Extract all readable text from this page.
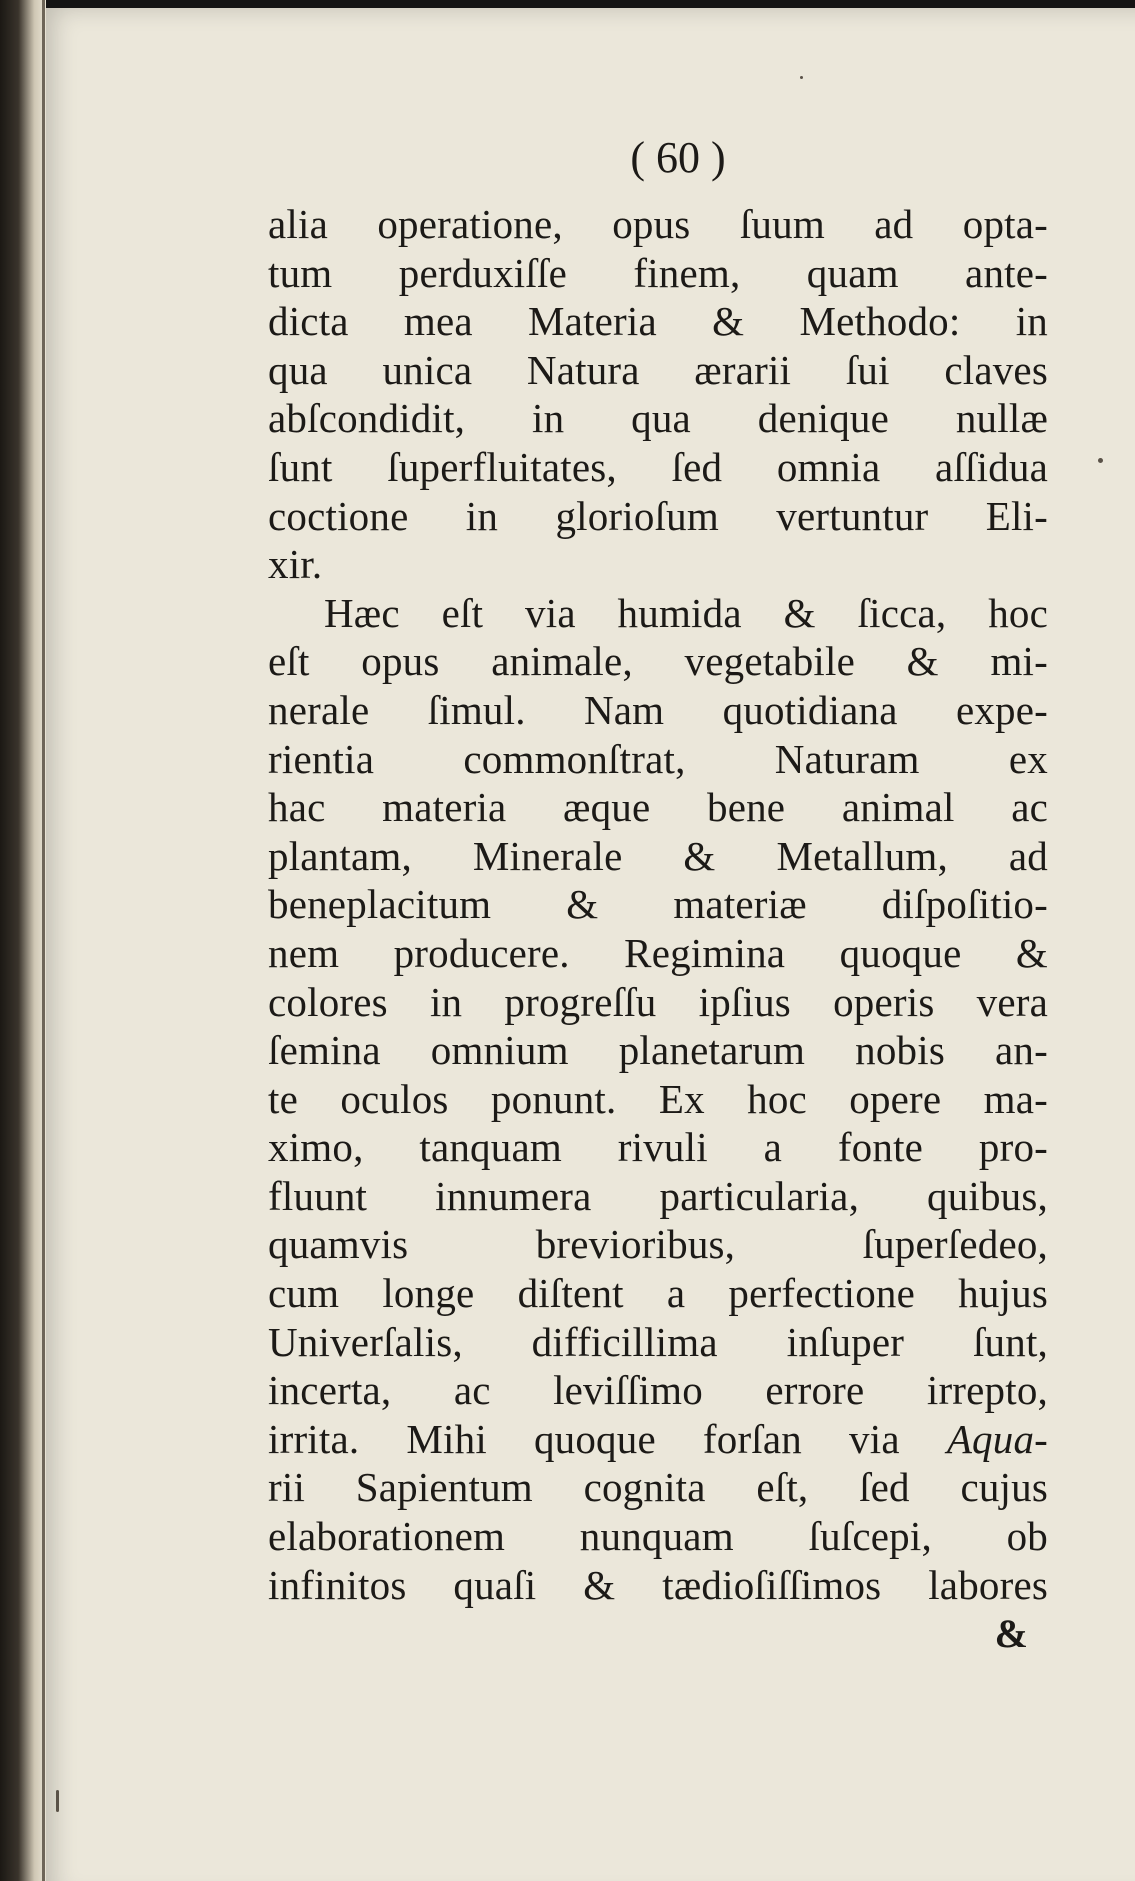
( 60 )
alia operatione, opus ſuum ad opta-
tum perduxiſſe finem, quam ante-
dicta mea Materia & Methodo: in
qua unica Natura ærarii ſui claves
abſcondidit, in qua denique nullæ
ſunt ſuperfluitates, ſed omnia aſſidua
coctione in glorioſum vertuntur Eli-
xir.
Hæc eſt via humida & ſicca, hoc
eſt opus animale, vegetabile & mi-
nerale ſimul. Nam quotidiana expe-
rientia commonſtrat, Naturam ex
hac materia æque bene animal ac
plantam, Minerale & Metallum, ad
beneplacitum & materiæ diſpoſitio-
nem producere. Regimina quoque &
colores in progreſſu ipſius operis vera
ſemina omnium planetarum nobis an-
te oculos ponunt. Ex hoc opere ma-
ximo, tanquam rivuli a fonte pro-
fluunt innumera particularia, quibus,
quamvis brevioribus, ſuperſedeo,
cum longe diſtent a perfectione hujus
Univerſalis, difficillima inſuper ſunt,
incerta, ac leviſſimo errore irrepto,
irrita. Mihi quoque forſan via Aqua-
rii Sapientum cognita eſt, ſed cujus
elaborationem nunquam ſuſcepi, ob
infinitos quaſi & tædioſiſſimos labores
&
